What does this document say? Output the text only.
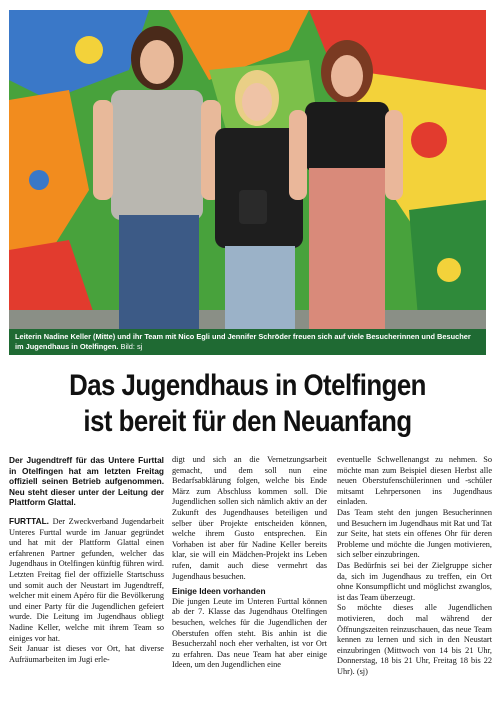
Leiterin Nadine Keller (Mitte) und ihr Team mit Nico Egli und Jennifer Schröder freuen sich auf viele Besucherinnen und Besucher im Jugendhaus in Otelfingen. Bild: sj
Das Jugendhaus in Otelfingen
ist bereit für den Neuanfang

Der Jugendtreff für das Untere Furttal in Otelfingen hat am letzten Freitag offiziell seinen Betrieb aufgenommen. Neu steht dieser unter der Leitung der Plattform Glattal.

FURTTAL. Der Zweckverband Jugendarbeit Unteres Furttal wurde im Januar gegründet und hat mit der Plattform Glattal einen erfahrenen Partner gefunden, welcher das Jugendhaus in Otelfingen künftig führen wird. Letzten Freitag fiel der offizielle Startschuss und somit auch der Neustart im Jugendtreff, welcher mit einem Apéro für die Bevölkerung und einer Party für die Jugendlichen gefeiert wurde. Die Leitung im Jugendhaus obliegt Nadine Keller, welche mit ihrem Team so einiges vor hat.

Seit Januar ist dieses vor Ort, hat diverse Aufräumarbeiten im Jugi erle-

digt und sich an die Vernetzungsarbeit gemacht, und dem soll nun eine Bedarfsabklärung folgen, welche bis Ende März zum Abschluss kommen soll. Die Jugendlichen sollen sich nämlich aktiv an der Zukunft des Jugendhauses beteiligen und selber über Projekte entscheiden können, welche ihrem Gusto entsprechen. Ein Vorhaben ist aber für Nadine Keller bereits klar, sie will ein Mädchen-Projekt ins Leben rufen, damit auch diese vermehrt das Jugendhaus besuchen.

Einige Ideen vorhanden

Die jungen Leute im Unteren Furttal können ab der 7. Klasse das Jugendhaus Otelfingen besuchen, welches für die Jugendlichen der Oberstufen offen steht. Bis anhin ist die Besucherzahl noch eher verhalten, ist vor Ort zu erfahren. Das neue Team hat aber einige Ideen, um den Jugendlichen eine

eventuelle Schwellenangst zu nehmen. So möchte man zum Beispiel diesen Herbst alle neuen Oberstufenschülerinnen und -schüler mitsamt Lehrpersonen ins Jugendhaus einladen.

Das Team steht den jungen Besucherinnen und Besuchern im Jugendhaus mit Rat und Tat zur Seite, hat stets ein offenes Ohr für deren Probleme und möchte die Jungen motivieren, sich selber einzubringen.

Das Bedürfnis sei bei der Zielgruppe sicher da, sich im Jugendhaus zu treffen, ein Ort ohne Konsumpflicht und möglichst zwanglos, ist das Team überzeugt.

So möchte dieses alle Jugendlichen motivieren, doch mal während der Öffnungszeiten reinzuschauen, das neue Team kennen zu lernen und sich in den Neustart einzubringen (Mittwoch von 14 bis 21 Uhr, Donnerstag, 18 bis 21 Uhr, Freitag 18 bis 22 Uhr). (sj)
